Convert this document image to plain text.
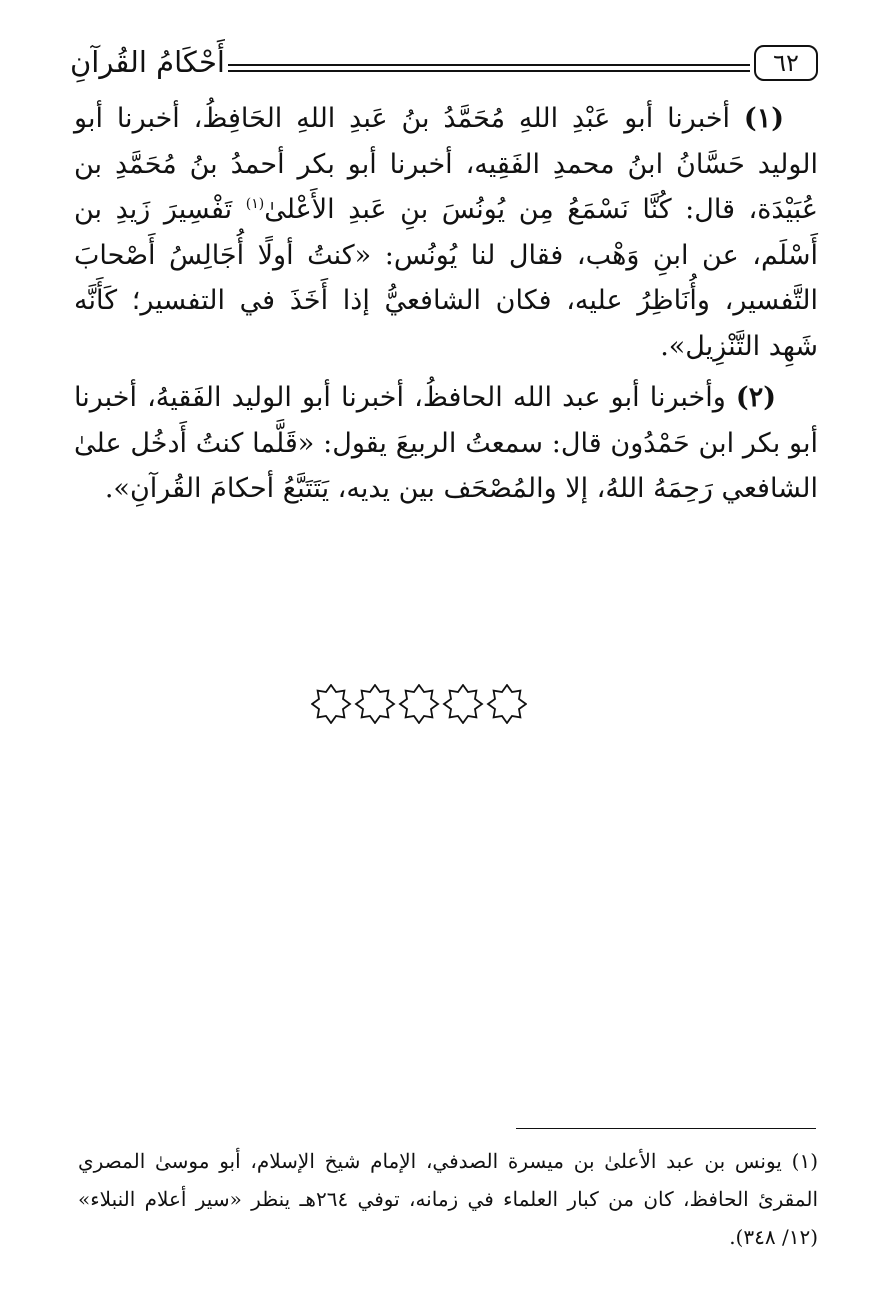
أَحْكَامُ القُرآنِ	٦٢

(١) أخبرنا أبو عَبْدِ اللهِ مُحَمَّدُ بنُ عَبدِ اللهِ الحَافِظُ، أخبرنا أبو الوليد حَسَّانُ ابنُ محمدِ الفَقِيه، أخبرنا أبو بكر أحمدُ بنُ مُحَمَّدِ بن عُبَيْدَة، قال: كُنَّا نَسْمَعُ مِن يُونُسَ بنِ عَبدِ الأَعْلىٰ$^{(١)}$ تَفْسِيرَ زَيدِ بن أَسْلَم، عن ابنِ وَهْب، فقال لنا يُونُس: «كنتُ أولًا أُجَالِسُ أَصْحابَ التَّفسير، وأُنَاظِرُ عليه، فكان الشافعيُّ إذا أَخَذَ في التفسير؛ كَأَنَّه شَهِد التَّنْزِيل».

(٢) وأخبرنا أبو عبد الله الحافظُ، أخبرنا أبو الوليد الفَقيهُ، أخبرنا أبو بكر ابن حَمْدُون قال: سمعتُ الربيعَ يقول: «قَلَّما كنتُ أَدخُل علىٰ الشافعي رَحِمَهُ اللهُ، إلا والمُصْحَف بين يديه، يَتَتَبَّعُ أحكامَ القُرآنِ».

(١) يونس بن عبد الأعلىٰ بن ميسرة الصدفي، الإمام شيخ الإسلام، أبو موسىٰ المصري المقرئ الحافظ، كان من كبار العلماء في زمانه، توفي ٢٦٤هـ ينظر «سير أعلام النبلاء» (١٢/ ٣٤٨).
